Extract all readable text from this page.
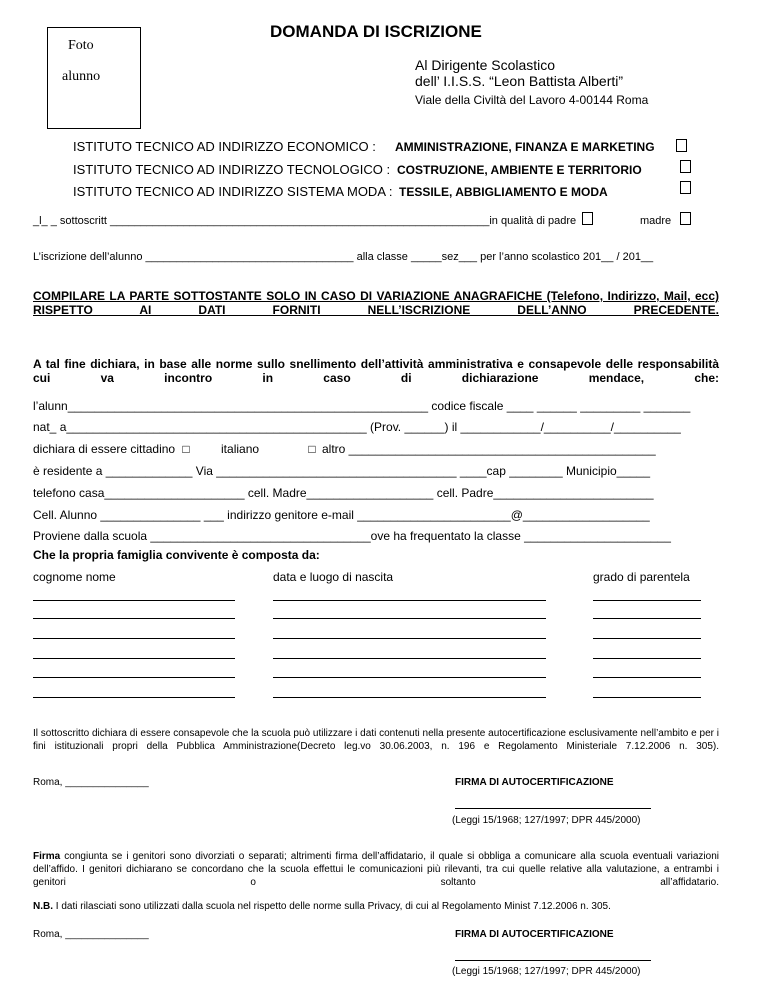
Foto
alunno
DOMANDA DI ISCRIZIONE
Al Dirigente Scolastico
dell’ I.I.S.S. “Leon Battista Alberti”
Viale della Civiltà del Lavoro 4-00144 Roma
ISTITUTO TECNICO AD INDIRIZZO ECONOMICO : AMMINISTRAZIONE, FINANZA E MARKETING
ISTITUTO TECNICO AD INDIRIZZO TECNOLOGICO : COSTRUZIONE, AMBIENTE E TERRITORIO
ISTITUTO TECNICO AD INDIRIZZO SISTEMA MODA : TESSILE, ABBIGLIAMENTO E MODA
_l_ _ sottoscritt ______________________________________________________________in qualità di padre	madre
L’iscrizione dell’alunno __________________________________ alla classe _____sez___ per l’anno scolastico 201__ / 201__
COMPILARE LA PARTE SOTTOSTANTE SOLO IN CASO DI VARIAZIONE ANAGRAFICHE (Telefono, Indirizzo, Mail, ecc) RISPETTO AI DATI FORNITI NELL’ISCRIZIONE DELL’ANNO PRECEDENTE.
A tal fine dichiara, in base alle norme sullo snellimento dell’attività amministrativa e consapevole delle responsabilità cui va incontro in caso di dichiarazione mendace, che:
l’alunn______________________________________________________ codice fiscale ____ ______ _________ _______
nat_ a_____________________________________________ (Prov. ______) il ____________/__________/__________
dichiara di essere cittadino □	italiano	□ altro ______________________________________________
è residente a _____________ Via ____________________________________ ____cap ________ Municipio_____
telefono casa_____________________ cell. Madre___________________ cell. Padre________________________
Cell. Alunno _______________ ___ indirizzo genitore e-mail _______________________@___________________
Proviene dalla scuola _________________________________ove ha frequentato la classe ______________________
Che la propria famiglia convivente è composta da:
cognome nome	data e luogo di nascita	grado di parentela
Il sottoscritto dichiara di essere consapevole che la scuola può utilizzare i dati contenuti nella presente autocertificazione esclusivamente nell’ambito e per i fini istituzionali propri della Pubblica Amministrazione(Decreto leg.vo 30.06.2003, n. 196 e Regolamento Ministeriale 7.12.2006 n. 305).
Roma, _______________	FIRMA DI AUTOCERTIFICAZIONE
(Leggi 15/1968; 127/1997; DPR 445/2000)
Firma congiunta se i genitori sono divorziati o separati; altrimenti firma dell’affidatario, il quale si obbliga a comunicare alla scuola eventuali variazioni dell’affido. I genitori dichiarano se concordano che la scuola effettui le comunicazioni più rilevanti, tra cui quelle relative alla valutazione, a entrambi i genitori o soltanto all’affidatario.
N.B. I dati rilasciati sono utilizzati dalla scuola nel rispetto delle norme sulla Privacy, di cui al Regolamento Minist 7.12.2006 n. 305.
Roma, _______________	FIRMA DI AUTOCERTIFICAZIONE
(Leggi 15/1968; 127/1997; DPR 445/2000)
